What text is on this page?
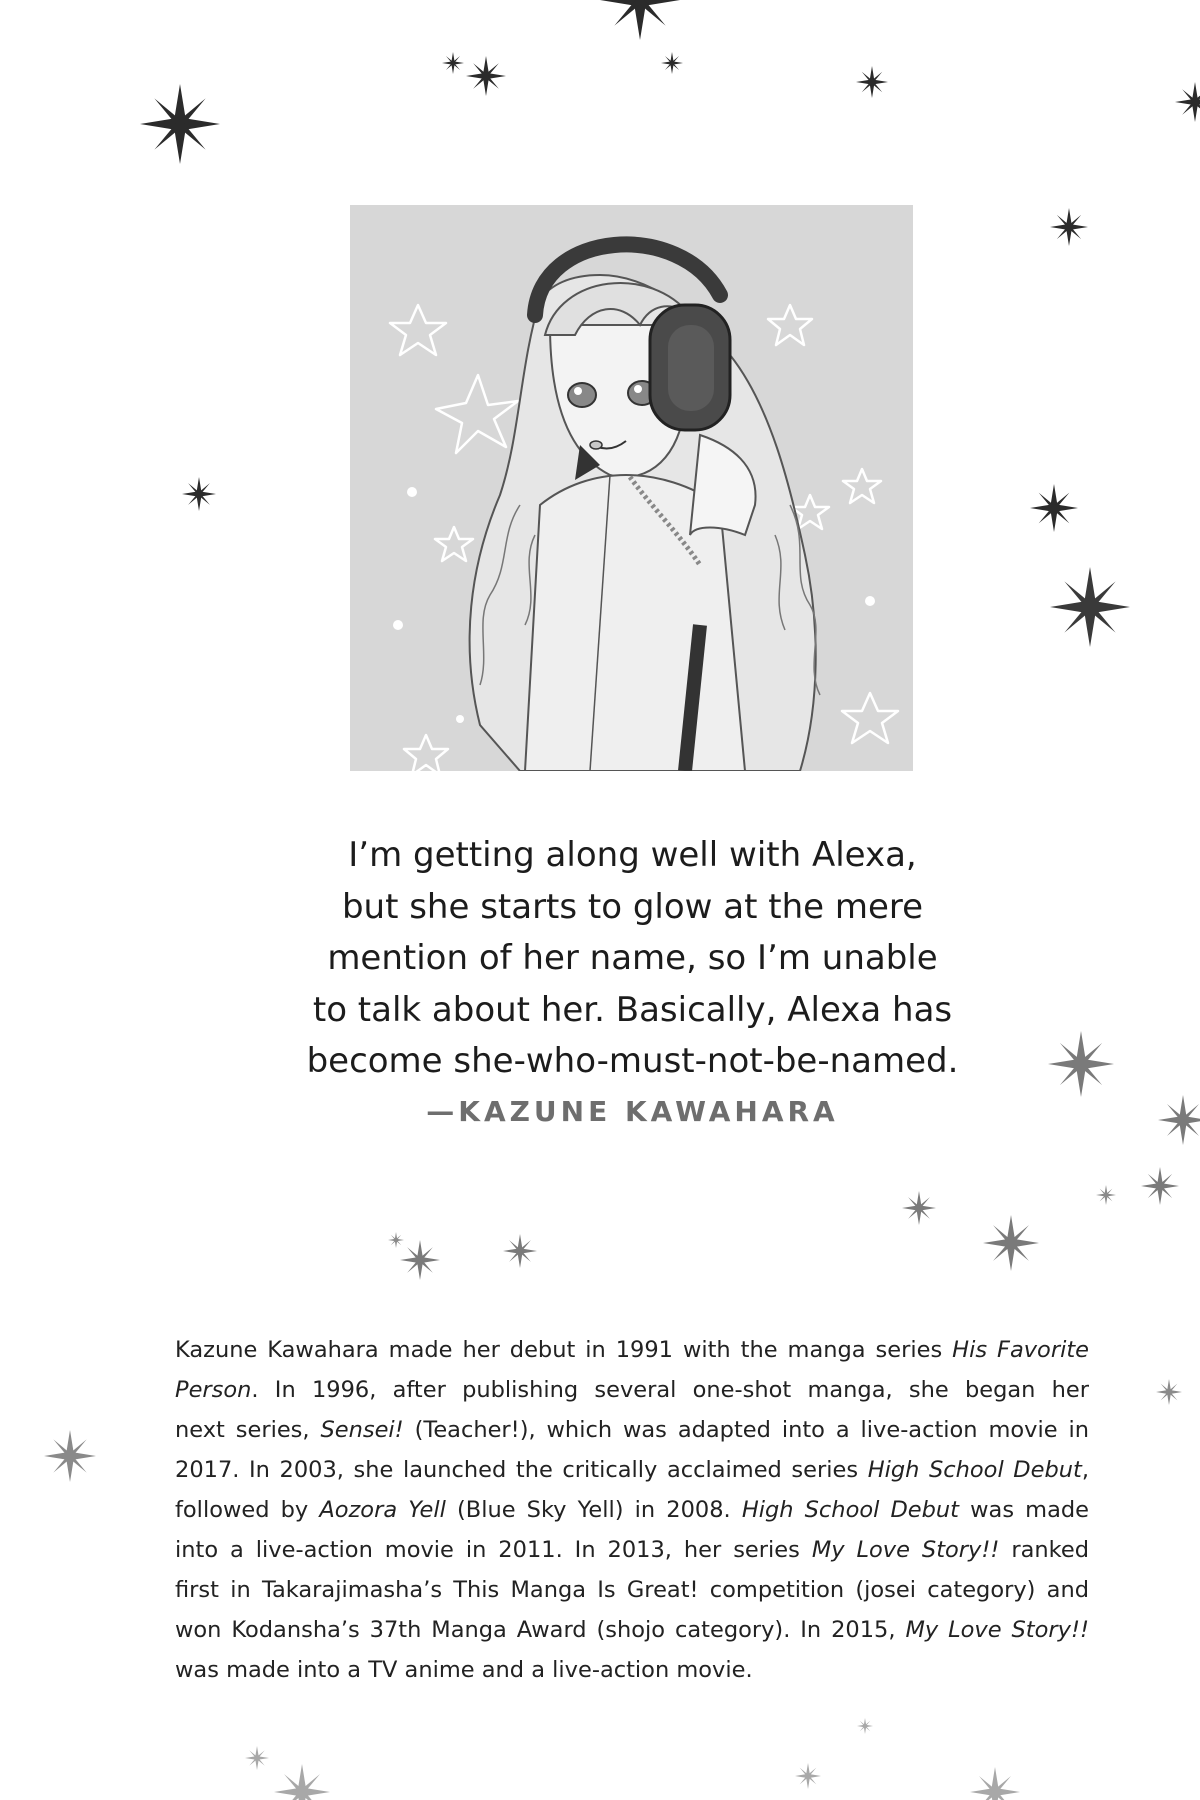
I’m getting along well with Alexa,
but she starts to glow at the mere
mention of her name, so I’m unable
to talk about her. Basically, Alexa has
become she-who-must-not-be-named.
—KAZUNE KAWAHARA
Kazune Kawahara made her debut in 1991 with the manga series His Favorite
Person. In 1996, after publishing several one-shot manga, she began her
next series, Sensei! (Teacher!), which was adapted into a live-action movie in
2017. In 2003, she launched the critically acclaimed series High School Debut,
followed by Aozora Yell (Blue Sky Yell) in 2008. High School Debut was made
into a live-action movie in 2011. In 2013, her series My Love Story!! ranked
first in Takarajimasha’s This Manga Is Great! competition (josei category) and
won Kodansha’s 37th Manga Award (shojo category). In 2015, My Love Story!!
was made into a TV anime and a live-action movie.
